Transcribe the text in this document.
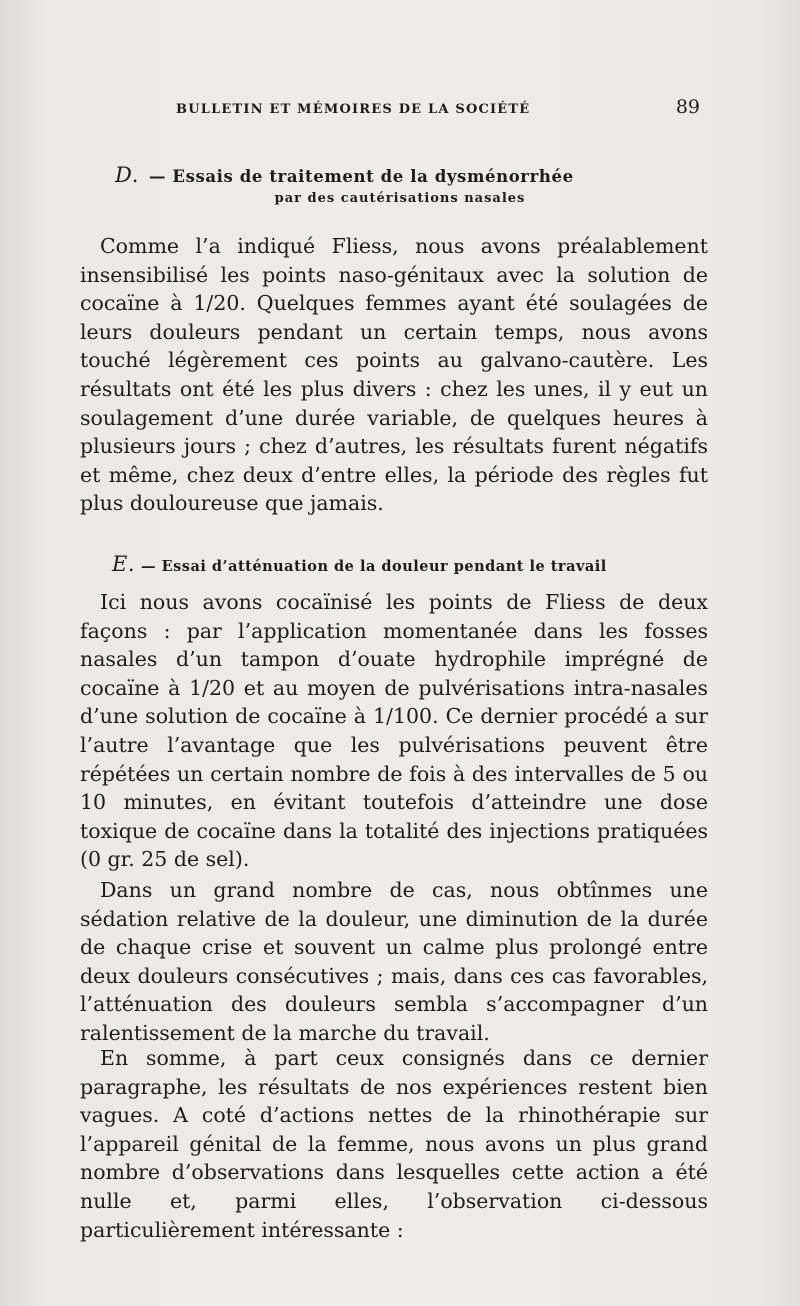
BULLETIN ET MÉMOIRES DE LA SOCIÉTÉ	89
D. — Essais de traitement de la dysménorrhée
par des cautérisations nasales

Comme l’a indiqué Fliess, nous avons préalablement insensibilisé les points naso-génitaux avec la solution de cocaïne à 1/20. Quelques femmes ayant été soulagées de leurs douleurs pendant un certain temps, nous avons touché légèrement ces points au galvano-cautère. Les résultats ont été les plus divers : chez les unes, il y eut un soulagement d’une durée variable, de quelques heures à plusieurs jours ; chez d’autres, les résultats furent négatifs et même, chez deux d’entre elles, la période des règles fut plus douloureuse que jamais.

E. — Essai d’atténuation de la douleur pendant le travail

Ici nous avons cocaïnisé les points de Fliess de deux façons : par l’application momentanée dans les fosses nasales d’un tampon d’ouate hydrophile imprégné de cocaïne à 1/20 et au moyen de pulvérisations intra-nasales d’une solution de cocaïne à 1/100. Ce dernier procédé a sur l’autre l’avantage que les pulvérisations peuvent être répétées un certain nombre de fois à des intervalles de 5 ou 10 minutes, en évitant toutefois d’atteindre une dose toxique de cocaïne dans la totalité des injections pratiquées (0 gr. 25 de sel).

Dans un grand nombre de cas, nous obtînmes une sédation relative de la douleur, une diminution de la durée de chaque crise et souvent un calme plus prolongé entre deux douleurs consécutives ; mais, dans ces cas favorables, l’atténuation des douleurs sembla s’accompagner d’un ralentissement de la marche du travail.

En somme, à part ceux consignés dans ce dernier paragraphe, les résultats de nos expériences restent bien vagues. A coté d’actions nettes de la rhinothérapie sur l’appareil génital de la femme, nous avons un plus grand nombre d’observations dans lesquelles cette action a été nulle et, parmi elles, l’observation ci-dessous particulièrement intéressante :
